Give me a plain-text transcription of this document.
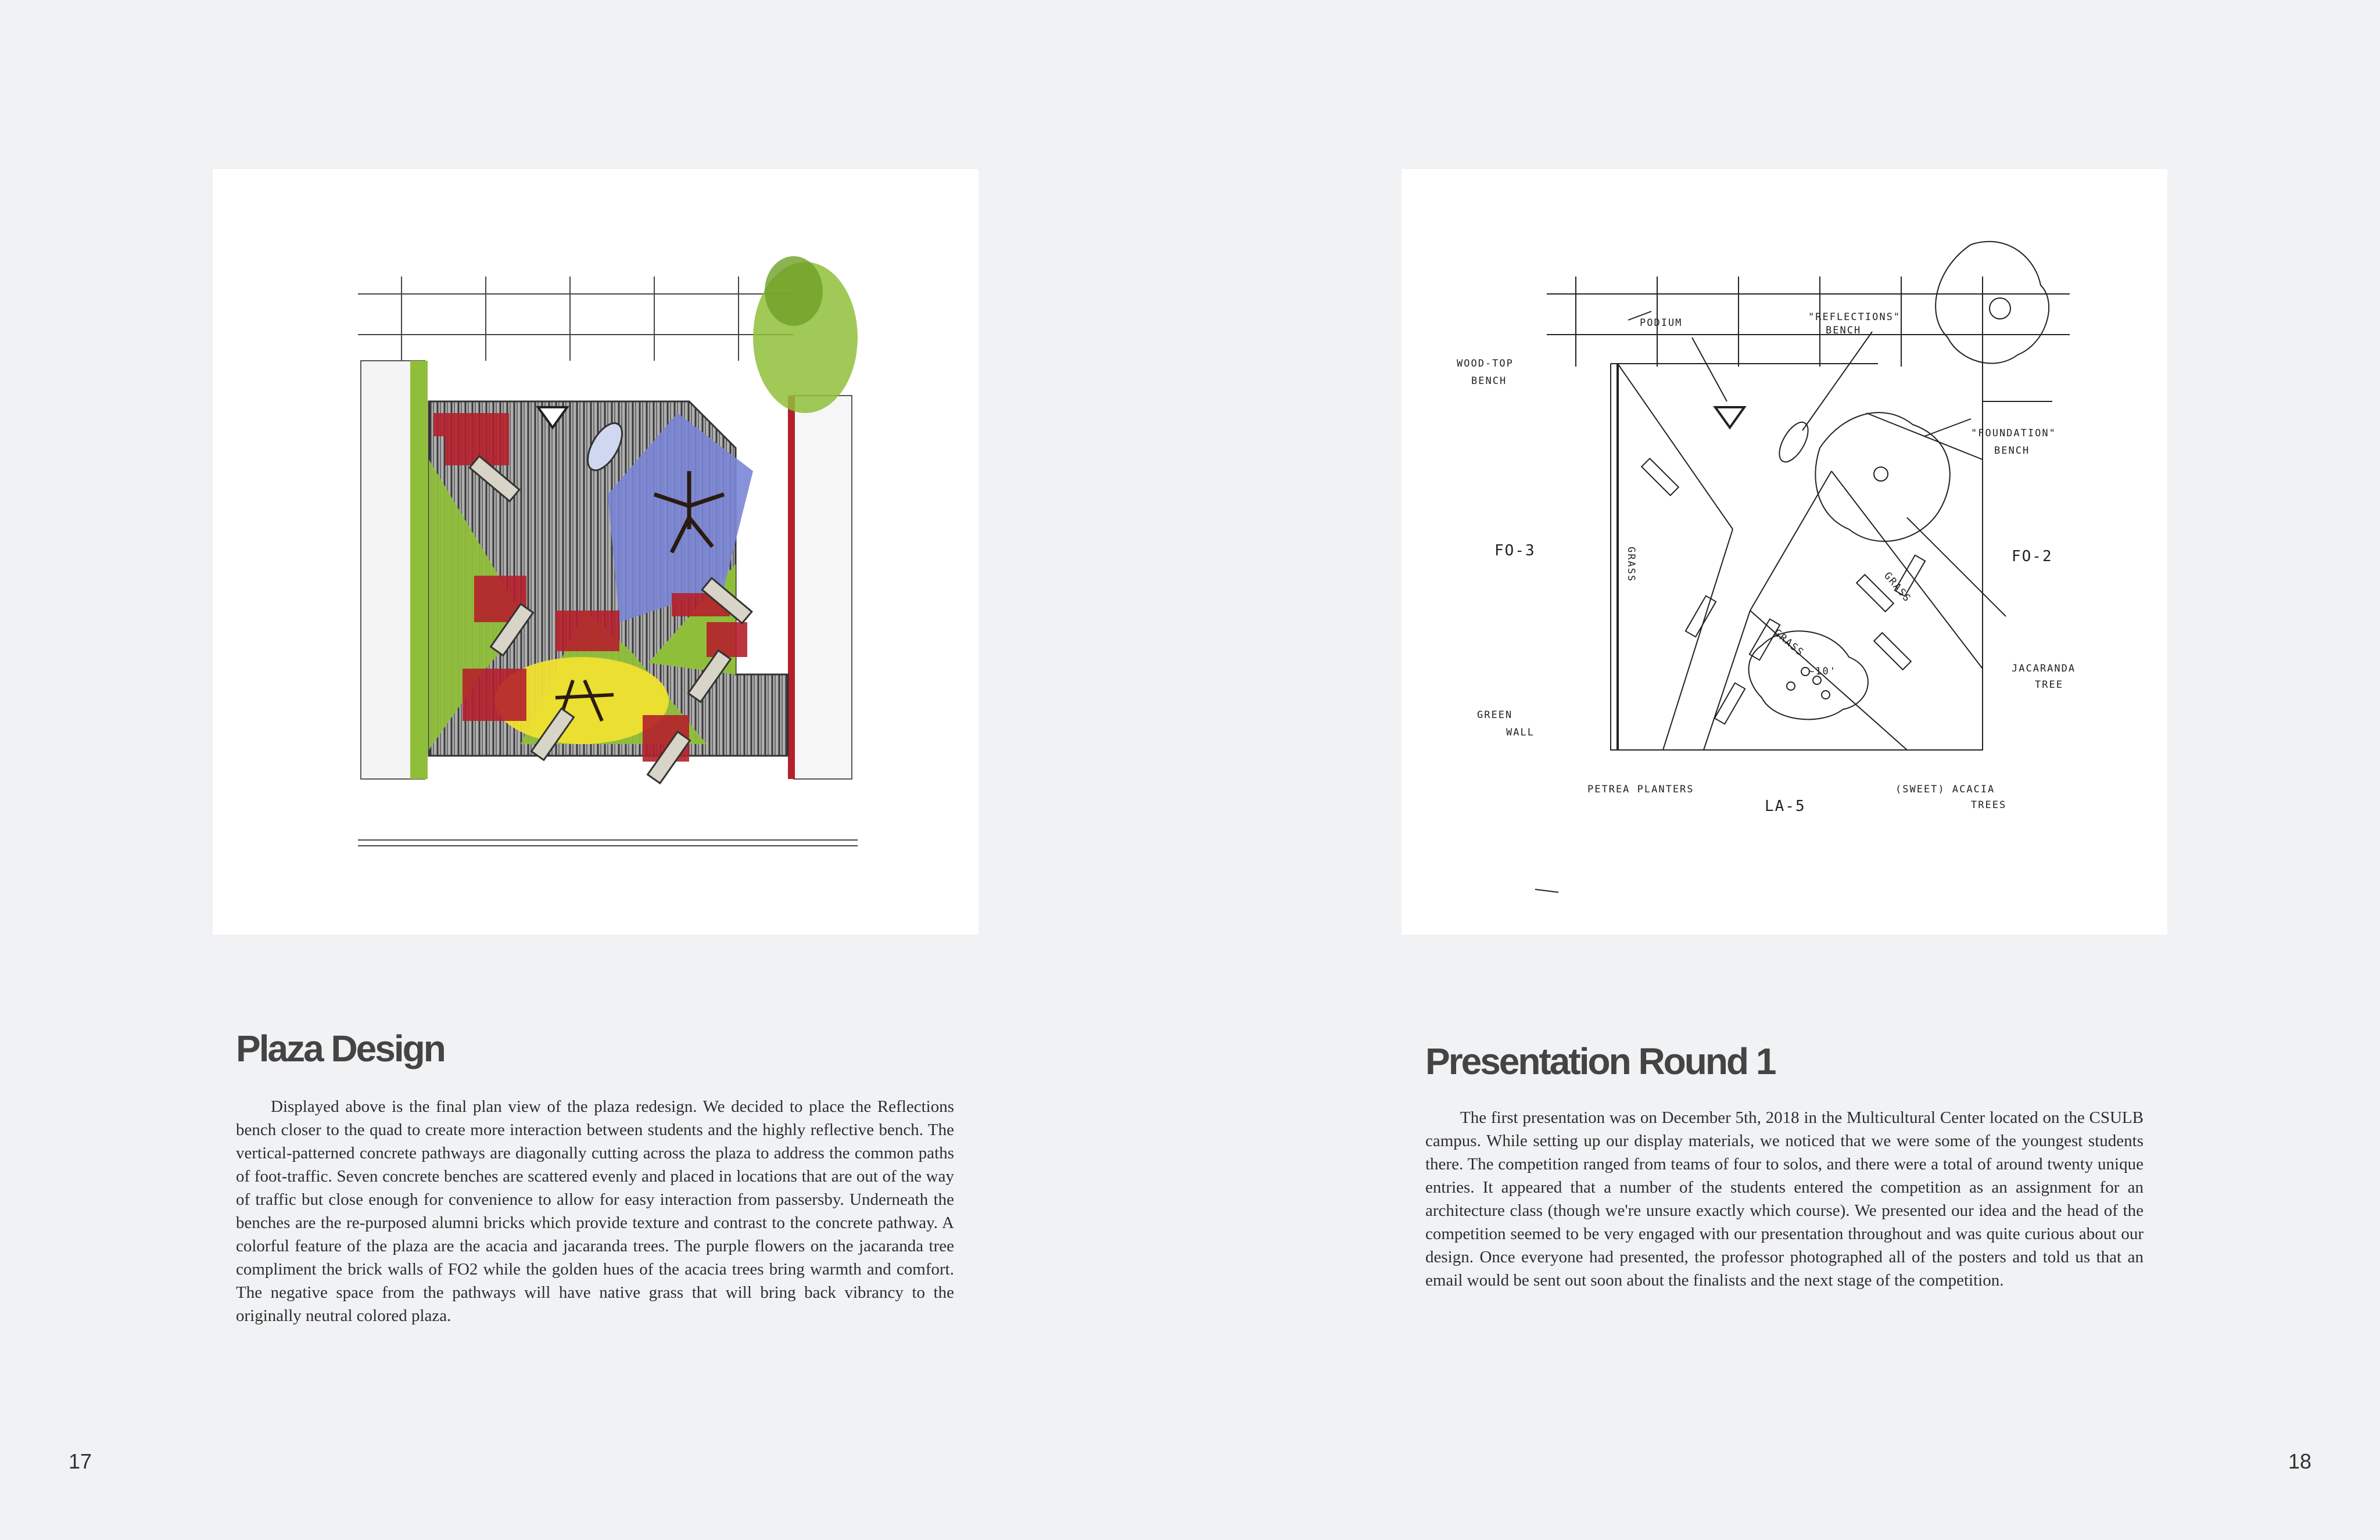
PODIUM	"REFLECTIONS"
BENCH
WOOD-TOP
BENCH
"FOUNDATION"
BENCH
FO-3	FO-2
JACARANDA
TREE
GREEN
WALL
PETREA PLANTERS
LA-5
(SWEET) ACACIA
TREES
~10'
GRASS
GRASS
GRASS
Plaza Design

Displayed above is the final plan view of the plaza redesign. We decided to place the Reflections bench closer to the quad to create more interaction between students and the highly reflective bench. The vertical-patterned concrete pathways are diagonally cutting across the plaza to address the common paths of foot-traffic. Seven concrete benches are scattered evenly and placed in locations that are out of the way of traffic but close enough for convenience to allow for easy interaction from passersby. Underneath the benches are the re-purposed alumni bricks which provide texture and contrast to the concrete pathway. A colorful feature of the plaza are the acacia and jacaranda trees. The purple flowers on the jacaranda tree compliment the brick walls of FO2 while the golden hues of the acacia trees bring warmth and comfort. The negative space from the pathways will have native grass that will bring back vibrancy to the originally neutral colored plaza.

Presentation Round 1

The first presentation was on December 5th, 2018 in the Multicultural Center located on the CSULB campus. While setting up our display materials, we noticed that we were some of the youngest students there. The competition ranged from teams of four to solos, and there were a total of around twenty unique entries. It appeared that a number of the students entered the competition as an assignment for an architecture class (though we're unsure exactly which course). We presented our idea and the head of the competition seemed to be very engaged with our presentation throughout and was quite curious about our design. Once everyone had presented, the professor photographed all of the posters and told us that an email would be sent out soon about the finalists and the next stage of the competition.

17	18
